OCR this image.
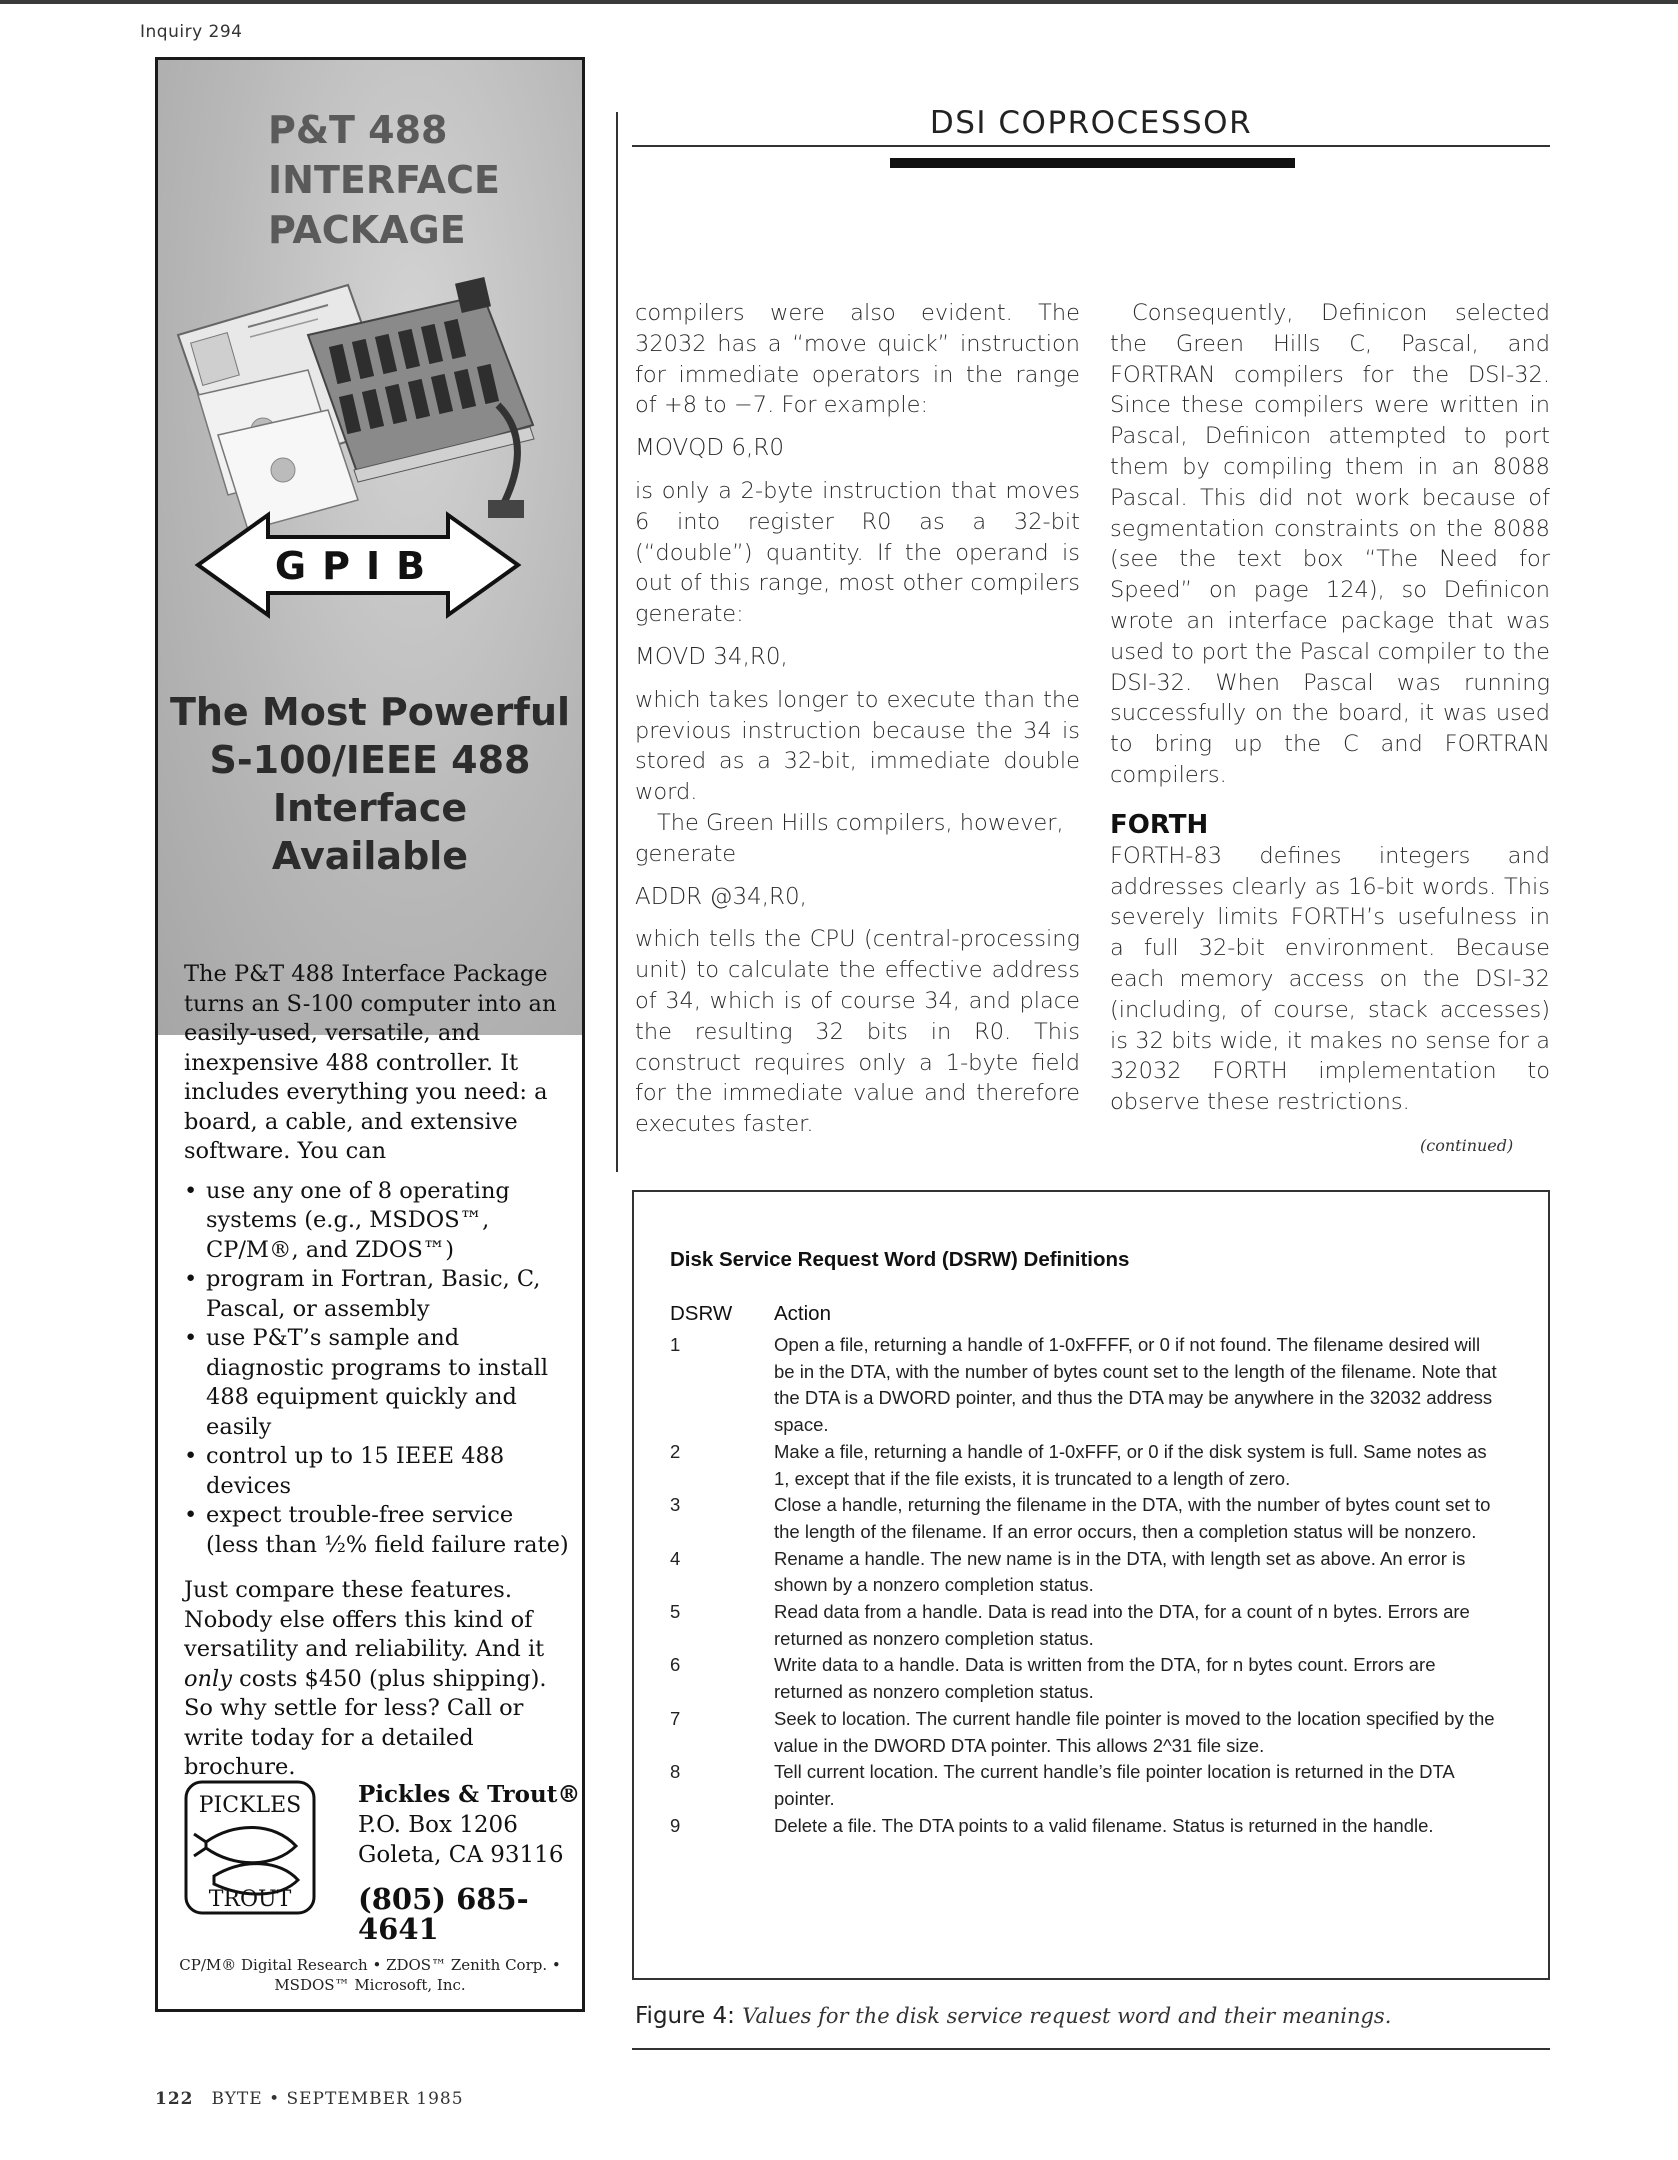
Inquiry 294
P&T 488
INTERFACE
PACKAGE
GPIB
The Most Powerful
S-100/IEEE 488
Interface
Available

The P&T 488 Interface Package turns an S-100 computer into an easily-used, versatile, and inexpensive 488 controller. It includes everything you need: a board, a cable, and extensive software. You can

• use any one of 8 operating systems (e.g., MSDOS™, CP/M®, and ZDOS™)
• program in Fortran, Basic, C, Pascal, or assembly
• use P&T’s sample and diagnostic programs to install 488 equipment quickly and easily
• control up to 15 IEEE 488 devices
• expect trouble-free service (less than ½% field failure rate)

Just compare these features. Nobody else offers this kind of versatility and reliability. And it only costs $450 (plus shipping). So why settle for less? Call or write today for a detailed brochure.

PICKLES
TROUT
Pickles & Trout®
P.O. Box 1206
Goleta, CA 93116
(805) 685-4641
CP/M® Digital Research • ZDOS™ Zenith Corp. • MSDOS™ Microsoft, Inc.
122 BYTE • SEPTEMBER 1985
DSI COPROCESSOR

compilers were also evident. The 32032 has a “move quick” instruction for immediate operators in the range of +8 to −7. For example:

MOVQD 6,R0

is only a 2-byte instruction that moves 6 into register R0 as a 32-bit (“double”) quantity. If the operand is out of this range, most other compilers generate:

MOVD 34,R0,

which takes longer to execute than the previous instruction because the 34 is stored as a 32-bit, immediate double word.

The Green Hills compilers, however, generate

ADDR @34,R0,

which tells the CPU (central-processing unit) to calculate the effective address of 34, which is of course 34, and place the resulting 32 bits in R0. This construct requires only a 1-byte field for the immediate value and therefore executes faster.

Consequently, Definicon selected the Green Hills C, Pascal, and FORTRAN compilers for the DSI-32. Since these compilers were written in Pascal, Definicon attempted to port them by compiling them in an 8088 Pascal. This did not work because of segmentation constraints on the 8088 (see the text box “The Need for Speed” on page 124), so Definicon wrote an interface package that was used to port the Pascal compiler to the DSI-32. When Pascal was running successfully on the board, it was used to bring up the C and FORTRAN compilers.

FORTH

FORTH-83 defines integers and addresses clearly as 16-bit words. This severely limits FORTH’s usefulness in a full 32-bit environment. Because each memory access on the DSI-32 (including, of course, stack accesses) is 32 bits wide, it makes no sense for a 32032 FORTH implementation to observe these restrictions.

(continued)
Disk Service Request Word (DSRW) Definitions
DSRW Action
1	Open a file, returning a handle of 1-0xFFFF, or 0 if not found. The filename desired will be in the DTA, with the number of bytes count set to the length of the filename. Note that the DTA is a DWORD pointer, and thus the DTA may be anywhere in the 32032 address space.
2	Make a file, returning a handle of 1-0xFFF, or 0 if the disk system is full. Same notes as 1, except that if the file exists, it is truncated to a length of zero.
3	Close a handle, returning the filename in the DTA, with the number of bytes count set to the length of the filename. If an error occurs, then a completion status will be nonzero.
4	Rename a handle. The new name is in the DTA, with length set as above. An error is shown by a nonzero completion status.
5	Read data from a handle. Data is read into the DTA, for a count of n bytes. Errors are returned as nonzero completion status.
6	Write data to a handle. Data is written from the DTA, for n bytes count. Errors are returned as nonzero completion status.
7	Seek to location. The current handle file pointer is moved to the location specified by the value in the DWORD DTA pointer. This allows 2^31 file size.
8	Tell current location. The current handle’s file pointer location is returned in the DTA pointer.
9	Delete a file. The DTA points to a valid filename. Status is returned in the handle.
Figure 4: Values for the disk service request word and their meanings.
